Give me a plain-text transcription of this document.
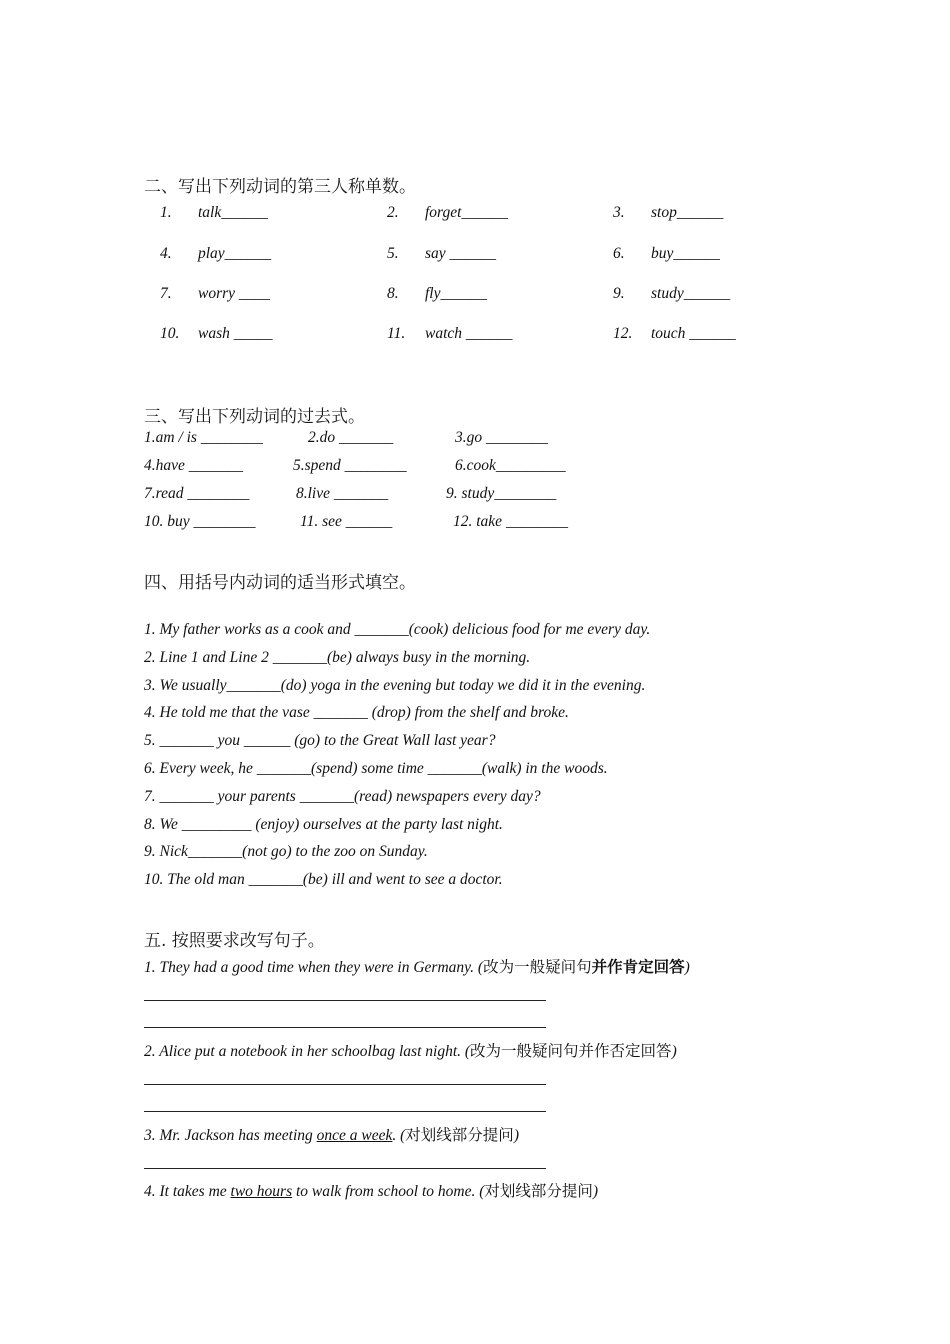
二、写出下列动词的第三人称单数。
1. talk______	2. forget______	3. stop______
4. play______	5. say ______	6. buy______
7. worry ____	8. fly______	9. study______
10. wash _____	11. watch ______	12. touch ______
三、写出下列动词的过去式。
1.am / is ________	2.do _______	3.go ________
4.have _______	5.spend ________	6.cook_________
7.read ________	8.live _______	9. study________
10. buy ________	11. see ______	12. take ________
四、用括号内动词的适当形式填空。
1. My father works as a cook and _______(cook) delicious food for me every day.
2. Line 1 and Line 2 _______(be) always busy in the morning.
3. We usually_______(do) yoga in the evening but today we did it in the evening.
4. He told me that the vase _______ (drop) from the shelf and broke.
5. _______ you ______ (go) to the Great Wall last year?
6. Every week, he _______(spend) some time _______(walk) in the woods.
7. _______ your parents _______(read) newspapers every day?
8. We _________ (enjoy) ourselves at the party last night.
9. Nick_______(not go) to the zoo on Sunday.
10. The old man _______(be) ill and went to see a doctor.
五. 按照要求改写句子。
1. They had a good time when they were in Germany. (改为一般疑问句并作肯定回答)
2. Alice put a notebook in her schoolbag last night. (改为一般疑问句并作否定回答)
3. Mr. Jackson has meeting once a week. (对划线部分提问)
4. It takes me two hours to walk from school to home. (对划线部分提问)
